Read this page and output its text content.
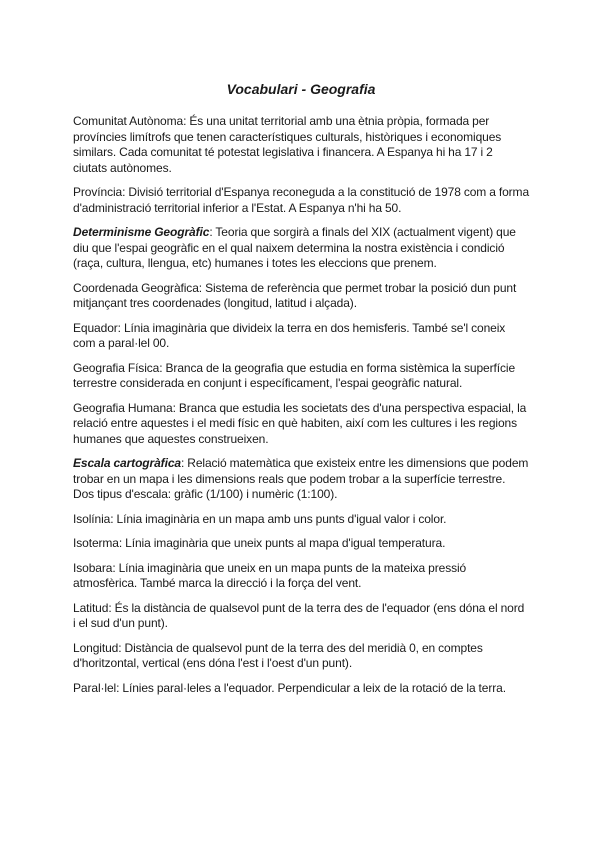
Vocabulari - Geografia

Comunitat Autònoma: És una unitat territorial amb una ètnia pròpia, formada per províncies limítrofs que tenen característiques culturals, històriques i economiques similars. Cada comunitat té potestat legislativa i financera. A Espanya hi ha 17 i 2 ciutats autònomes.

Província: Divisió territorial d'Espanya reconeguda a la constitució de 1978 com a forma d'administració territorial inferior a l'Estat. A Espanya n'hi ha 50.

Determinisme Geogràfic: Teoria que sorgirà a finals del XIX (actualment vigent) que diu que l'espai geogràfic en el qual naixem determina la nostra existència i condició (raça, cultura, llengua, etc) humanes i totes les eleccions que prenem.

Coordenada Geogràfica: Sistema de referència que permet trobar la posició dun punt mitjançant tres coordenades (longitud, latitud i alçada).

Equador: Línia imaginària que divideix la terra en dos hemisferis. També se'l coneix com a paral·lel 00.

Geografia Física: Branca de la geografia que estudia en forma sistèmica la superfície terrestre considerada en conjunt i específicament, l'espai geogràfic natural.

Geografia Humana: Branca que estudia les societats des d'una perspectiva espacial, la relació entre aquestes i el medi físic en què habiten, així com les cultures i les regions humanes que aquestes construeixen.

Escala cartogràfica: Relació matemàtica que existeix entre les dimensions que podem trobar en un mapa i les dimensions reals que podem trobar a la superfície terrestre. Dos tipus d'escala: gràfic (1/100) i numèric (1:100).

Isolínia: Línia imaginària en un mapa amb uns punts d'igual valor i color.

Isoterma: Línia imaginària que uneix punts al mapa d'igual temperatura.

Isobara: Línia imaginària que uneix en un mapa punts de la mateixa pressió atmosfèrica. També marca la direcció i la força del vent.

Latitud: És la distància de qualsevol punt de la terra des de l'equador (ens dóna el nord i el sud d'un punt).

Longitud: Distància de qualsevol punt de la terra des del meridià 0, en comptes d'horitzontal, vertical (ens dóna l'est i l'oest d'un punt).

Paral·lel: Línies paral·leles a l'equador. Perpendicular a leix de la rotació de la terra.
